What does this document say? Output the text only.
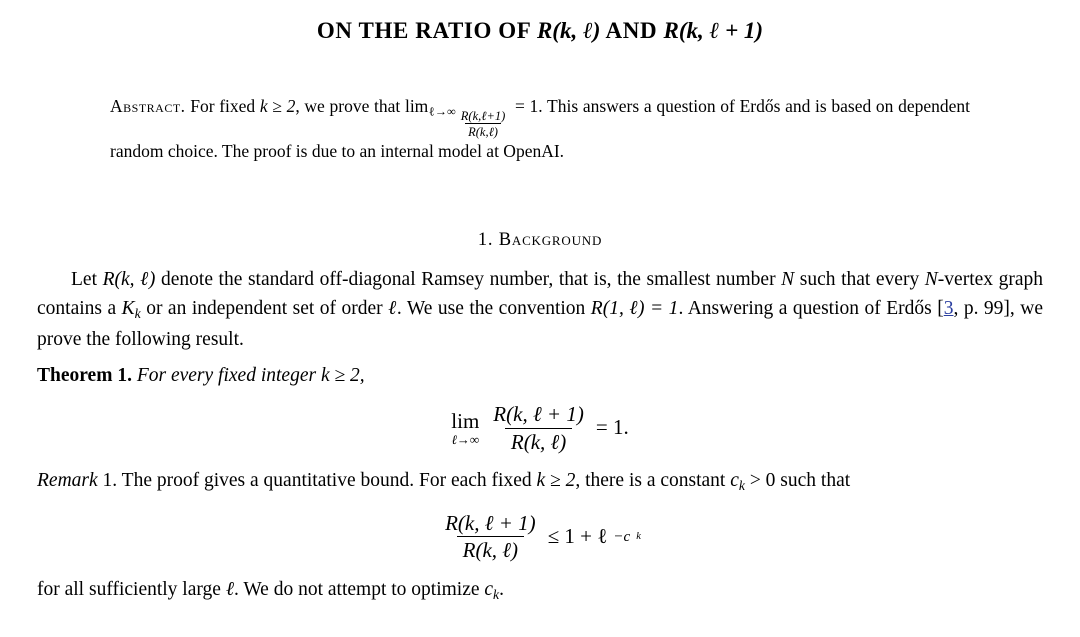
ON THE RATIO OF R(k, ℓ) AND R(k, ℓ + 1)
Abstract. For fixed k ≥ 2, we prove that $\lim_{\ell\to\infty} \frac{\text{R(k,ℓ+1)}}{\text{R(k,ℓ)}}$
= 1. This answers a question of Erdős and is based on dependent random choice. The proof is due to an internal model at OpenAI.
1. Background

Let R(k, ℓ) denote the standard off-diagonal Ramsey number, that is, the smallest number N such that every N-vertex graph contains a $K_k$ or an independent set of order ℓ. We use the convention R(1, ℓ) = 1. Answering a question of Erdős [3, p. 99], we prove the following result.

Theorem 1. For every fixed integer k ≥ 2,

lim
ℓ→∞ $\frac{\text{R(k, ℓ + 1)}}{\text{R(k, ℓ)}} = 1$.

Remark 1. The proof gives a quantitative bound. For each fixed k ≥ 2, there is a constant $c_k > 0$ such that

$\frac{\text{R(k, ℓ + 1)}}{\text{R(k, ℓ)}} \le 1$ + ℓ −c k

for all sufficiently large ℓ. We do not attempt to optimize $c_k$.
